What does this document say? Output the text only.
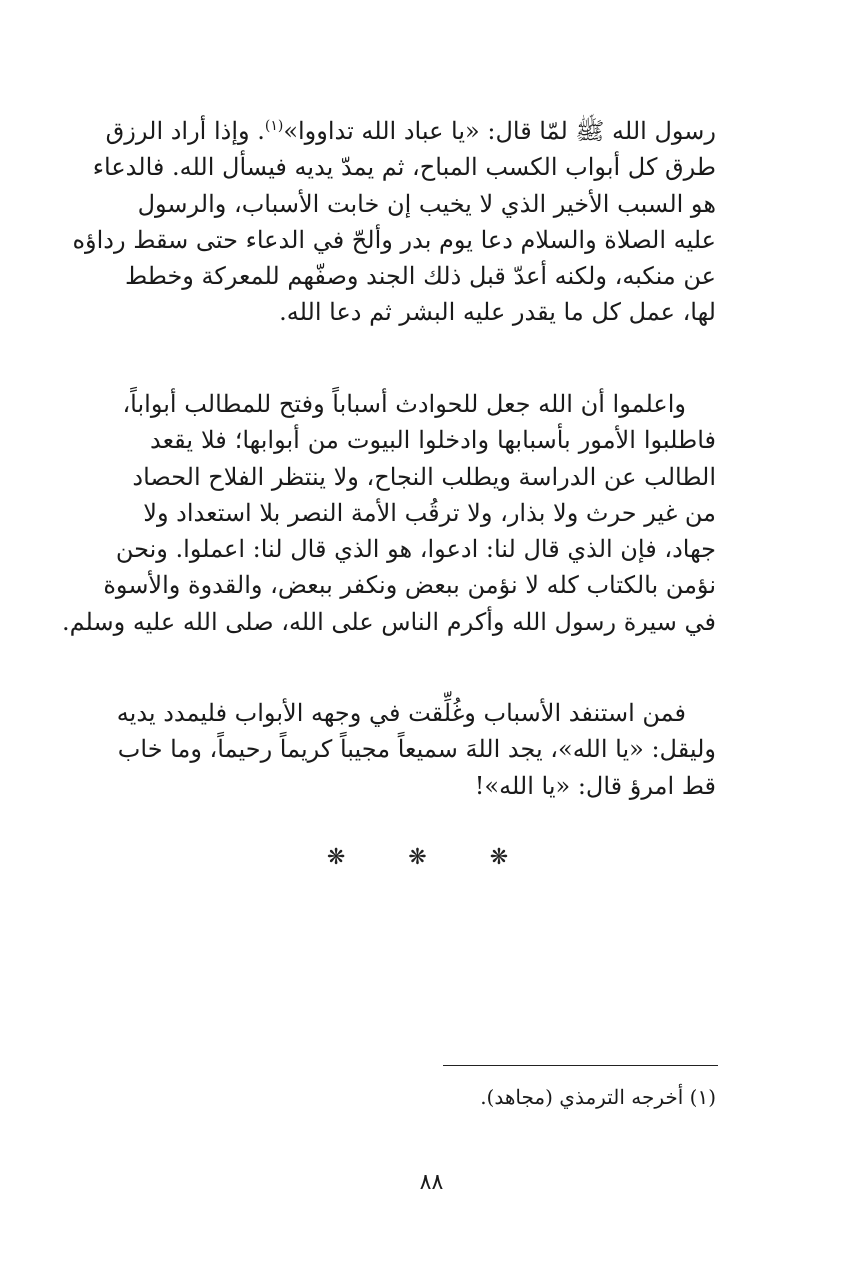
رسول الله ﷺ لمّا قال: «يا عباد الله تداووا»$^{(١)}$. وإذا أراد الرزق
طرق كل أبواب الكسب المباح، ثم يمدّ يديه فيسأل الله. فالدعاء
هو السبب الأخير الذي لا يخيب إن خابت الأسباب، والرسول
عليه الصلاة والسلام دعا يوم بدر وألحّ في الدعاء حتى سقط رداؤه
عن منكبه، ولكنه أعدّ قبل ذلك الجند وصفّهم للمعركة وخطط
لها، عمل كل ما يقدر عليه البشر ثم دعا الله.
واعلموا أن الله جعل للحوادث أسباباً وفتح للمطالب أبواباً،
فاطلبوا الأمور بأسبابها وادخلوا البيوت من أبوابها؛ فلا يقعد
الطالب عن الدراسة ويطلب النجاح، ولا ينتظر الفلاح الحصاد
من غير حرث ولا بذار، ولا ترقُب الأمة النصر بلا استعداد ولا
جهاد، فإن الذي قال لنا: ادعوا، هو الذي قال لنا: اعملوا. ونحن
نؤمن بالكتاب كله لا نؤمن ببعض ونكفر ببعض، والقدوة والأسوة
في سيرة رسول الله وأكرم الناس على الله، صلى الله عليه وسلم.
فمن استنفد الأسباب وغُلِّقت في وجهه الأبواب فليمدد يديه
وليقل: «يا الله»، يجد اللهَ سميعاً مجيباً كريماً رحيماً، وما خاب
قط امرؤ قال: «يا الله»!
❋ ❋ ❋
(١) أخرجه الترمذي (مجاهد).
٨٨
